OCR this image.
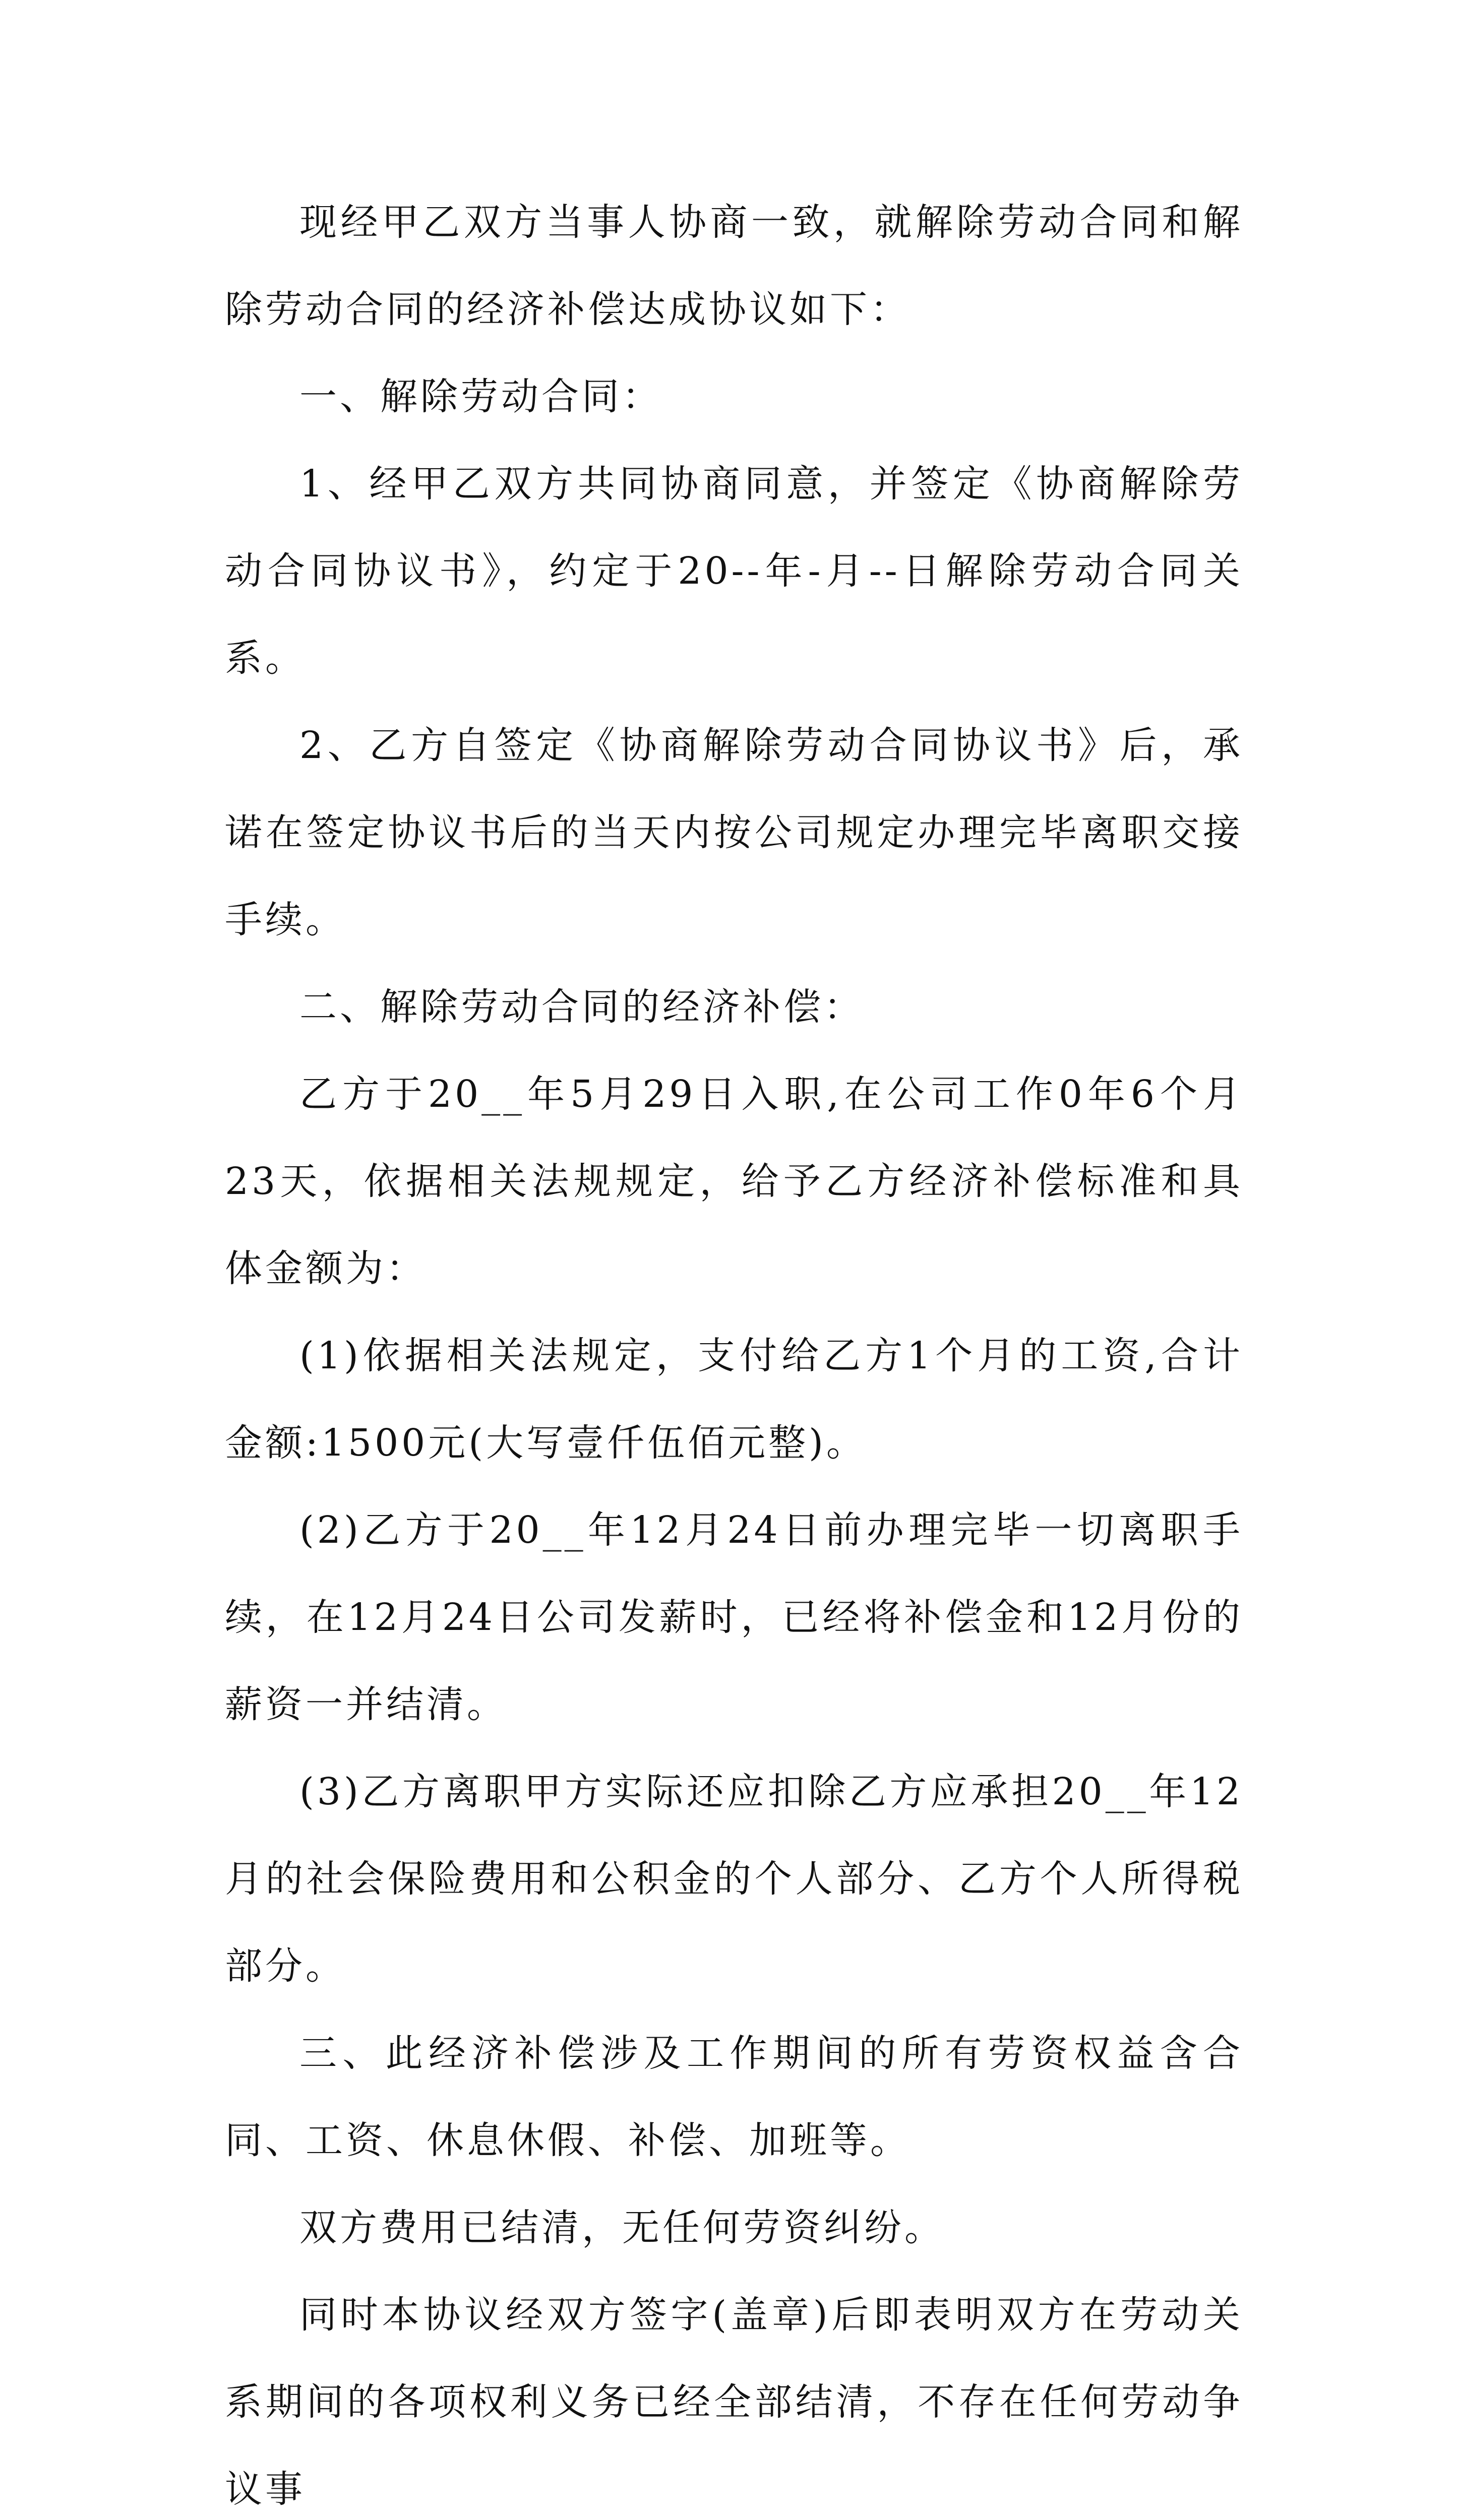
现经甲乙双方当事人协商一致，就解除劳动合同和解除劳动合同的经济补偿达成协议如下：

一、解除劳动合同：

1、经甲乙双方共同协商同意，并签定《协商解除劳动合同协议书》，约定于20--年-月--日解除劳动合同关系。

2、乙方自签定《协商解除劳动合同协议书》后，承诺在签定协议书后的当天内按公司规定办理完毕离职交接手续。

二、解除劳动合同的经济补偿：

乙方于20__年5月29日入职,在公司工作0年6个月23天，依据相关法规规定，给予乙方经济补偿标准和具体金额为：

(1)依据相关法规定，支付给乙方1个月的工资,合计金额:1500元(大写壹仟伍佰元整)。

(2)乙方于20__年12月24日前办理完毕一切离职手续，在12月24日公司发薪时，已经将补偿金和12月份的薪资一并结清。

(3)乙方离职甲方实际还应扣除乙方应承担20__年12月的社会保险费用和公积金的个人部分、乙方个人所得税部分。

三、此经济补偿涉及工作期间的所有劳资权益含合同、工资、休息休假、补偿、加班等。

双方费用已结清，无任何劳资纠纷。

同时本协议经双方签字(盖章)后即表明双方在劳动关系期间的各项权利义务已经全部结清，不存在任何劳动争议事
